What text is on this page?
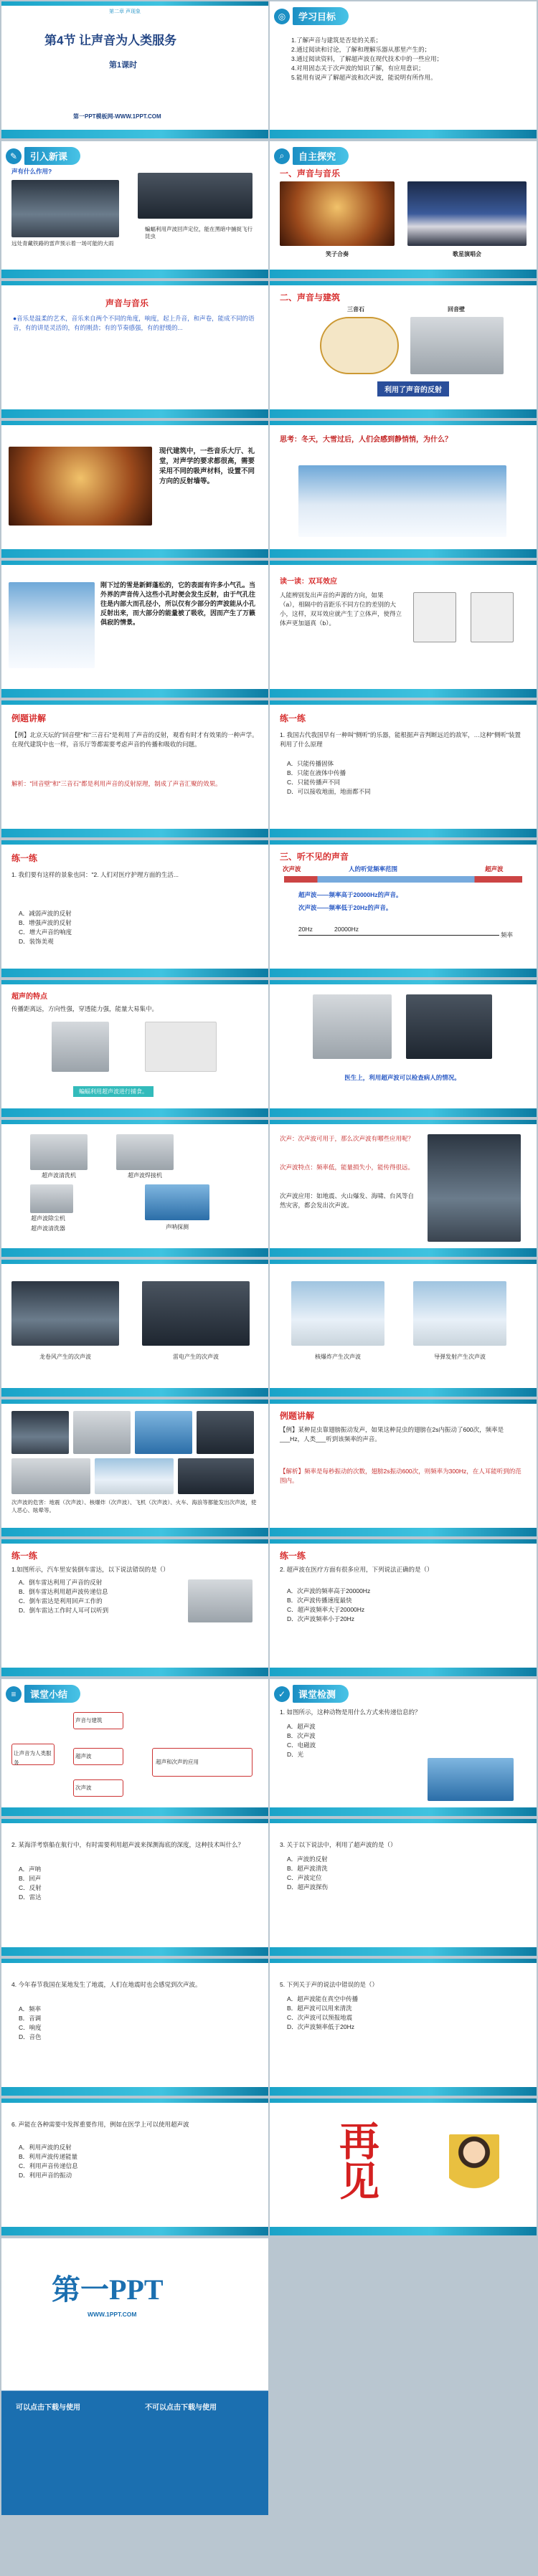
第二章 声现象
第4节 让声音为人类服务
第1课时
第一PPT模板网-WWW.1PPT.COM
◎	学习目标
1.了解声音与建筑是否是的关系；
2.通过阅读和讨论，了解和理解乐器从那里产生的；
3.通过阅读资料，了解超声波在现代技术中的一些应用；
4.对用固态关于次声波的知识了解，有应用意识；
5.能用有说声了解超声波和次声波，能说明有所作用。
✎	引入新课
声有什么作用?
远处青藏铁路的雷声预示着一场可能的大雨
蝙蝠利用声波回声定位，能在黑暗中捕捉飞行昆虫
⌕	自主探究
一、声音与音乐
笑子合奏	歌星演唱会
声音与音乐
●音乐是温柔的艺术，音乐来自两个不同的角度，响度，起上升音，和声卷，能成不同的语音，有的讲是灵活的，有的刚劲；有的节奏感强，有的舒缓的...
二、声音与建筑
三音石	回音壁
利用了声音的反射
现代建筑中，一些音乐大厅、礼堂，对声学的要求都很高，需要采用不同的吸声材料，设置不同方向的反射墙等。
思考：冬天，大雪过后，人们会感到静悄悄，为什么？
刚下过的雪是新鲜蓬松的，它的表面有许多小气孔。当外界的声音传入这些小孔时便会发生反射，由于气孔往往是内部大而孔径小，所以仅有少部分的声波能从小孔反射出来，而大部分的能量被了吸收，因而产生了万籁俱寂的情景。
读一读：双耳效应
人能辨别发出声音的声源的方向，如果（a），相隔中的音距乐不同方位的差别的大小，这样，双耳效应就产生了立体声，使得立体声更加逼真（b）。
例题讲解
【例】北京天坛的"回音壁"和"三音石"是利用了声音的反射，观看有时才有效果的一种声学。在现代建筑中也一样，音乐厅等都需要考虑声音的传播和吸收的问题。
解析："回音壁"和"三音石"都是利用声音的反射原理，制成了声音汇聚的效果。
练一练
1. 我国古代我国早有一种叫"侧听"的乐器，能根据声音判断远近的敌军，…这种"侧听"装置利用了什么原理
A．只能传播固体
B．只能在液体中传播
C．只能传播声不同
D．可以接收地面，地面都不同
练一练
1. 我们要有这样的景象也同："2. 人们对医疗护理方面的生活...
A．减弱声波的反射
B．增强声波的反射
C．增大声音的响度
D．装饰美观
三、听不见的声音
次声波	人的听觉频率范围	超声波
超声波——频率高于20000Hz的声音。
次声波——频率低于20Hz的声音。
20Hz	20000Hz
频率
超声的特点
传播距离远，方向性强，穿透能力强，能量大易集中。
蝙蝠利用超声波进行捕食。
医生上，利用超声波可以检查病人的情况。
超声波清洗机	超声波焊接机
超声波除尘机
超声波清洗器	声呐探测
次声：次声波可用于，那么次声波有哪些应用呢？
次声波特点：频率低，能量损失小，能传得很远。
次声波应用：如地震、火山爆发、海啸、台风等自然灾害，都会发出次声波。
龙卷风产生的次声波	雷电产生的次声波	核爆炸产生次声波	导弹发射产生次声波
次声波的危害：地震（次声波）、核爆炸（次声波）、飞机（次声波）、火车、海浪等都能发出次声波，使人恶心、眩晕等。
例题讲解
【例】某种昆虫靠翅膀振动发声，如果这种昆虫的翅膀在2s内振动了600次，频率是___Hz，人类___听到该频率的声音。
【解析】频率是每秒振动的次数，翅膀2s振动600次，则频率为300Hz，在人耳能听到的范围内。
练一练
1.如图所示，汽车里安装倒车雷达，以下说法错误的是（）
A．倒车雷达利用了声音的反射
B．倒车雷达利用超声波传递信息
C．倒车雷达是利用回声工作的
D．倒车雷达工作时人耳可以听到
练一练
2. 超声波在医疗方面有很多应用，下列说法正确的是（）
A．次声波的频率高于20000Hz
B．次声波传播速度最快
C．超声波频率大于20000Hz
D．次声波频率小于20Hz
≡	课堂小结
让声音为人类服务
声音与建筑
超声波
次声波
超声和次声的应用
✓	课堂检测
1. 如图所示，这种动物是用什么方式来传递信息的？
A．超声波
B．次声波
C．电磁波
D．光
2. 某海洋考察船在航行中，有时需要利用超声波来探测海底的深度，这种技术叫什么？
A．声呐
B．回声
C．反射
D．雷达
3. 关于以下说法中，利用了超声波的是（）
A．声波的反射
B．超声波清洗
C．声波定位
D．超声波探伤
4. 今年春节我国在某地发生了地震，人们在地震时也会感觉到次声波。
A．频率
B．音调
C．响度
D．音色
5. 下列关于声的说法中错误的是（）
A．超声波能在真空中传播
B．超声波可以用来清洗
C．次声波可以预报地震
D．次声波频率低于20Hz
6. 声能在各种需要中发挥重要作用，例如在医学上可以使用超声波
A．利用声波的反射
B．利用声波传递能量
C．利用声音传递信息
D．利用声音的振动	再见
第一PPT
WWW.1PPT.COM
可以点击下载与使用	不可以点击下载与使用
